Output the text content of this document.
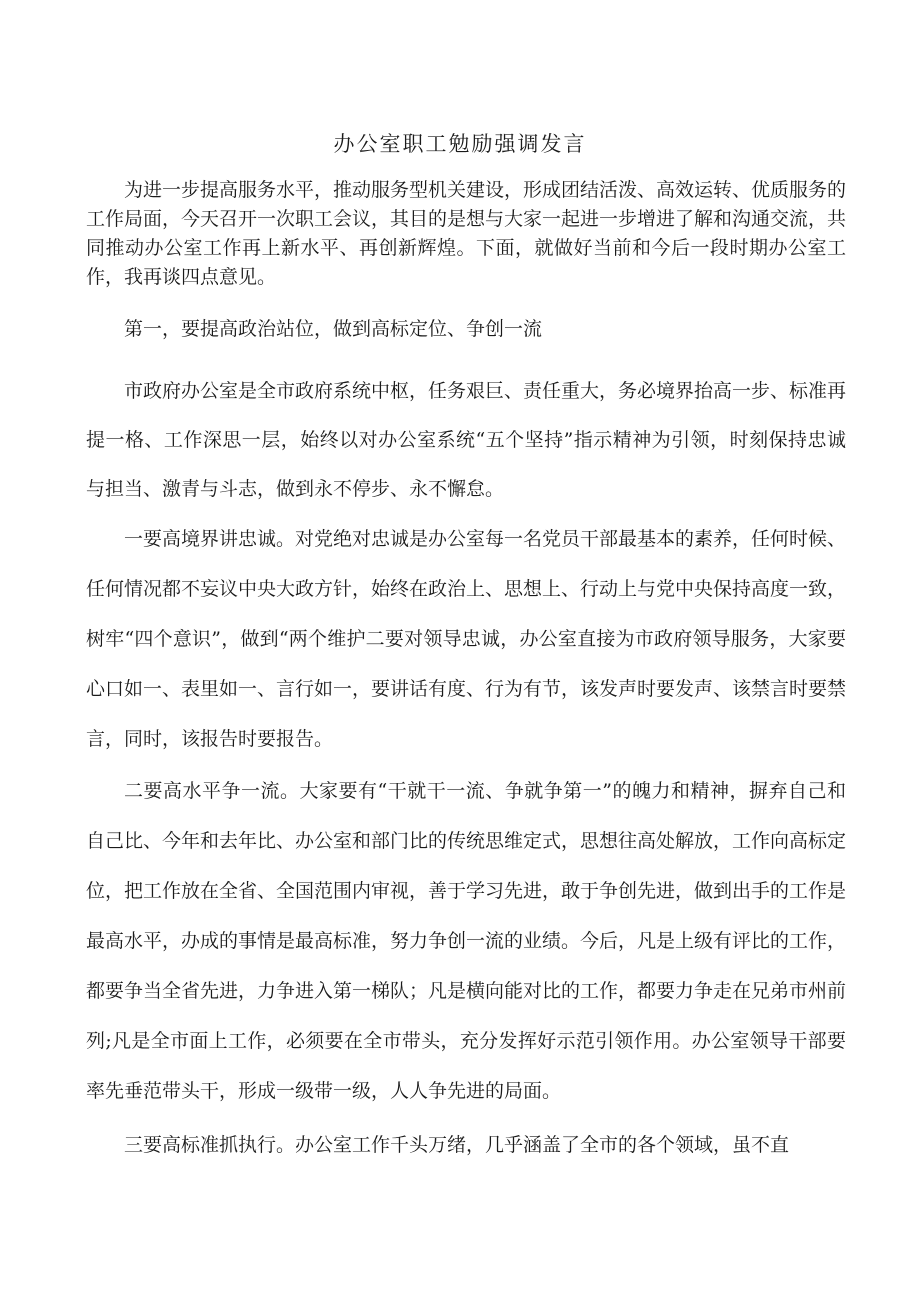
办公室职工勉励强调发言

为进一步提高服务水平，推动服务型机关建设，形成团结活泼、高效运转、优质服务的工作局面，今天召开一次职工会议，其目的是想与大家一起进一步增进了解和沟通交流，共同推动办公室工作再上新水平、再创新辉煌。下面，就做好当前和今后一段时期办公室工作，我再谈四点意见。

第一，要提高政治站位，做到高标定位、争创一流

市政府办公室是全市政府系统中枢，任务艰巨、责任重大，务必境界抬高一步、标准再提一格、工作深思一层，始终以对办公室系统“五个坚持”指示精神为引领，时刻保持忠诚与担当、激青与斗志，做到永不停步、永不懈怠。

一要高境界讲忠诚。对党绝对忠诚是办公室每一名党员干部最基本的素养，任何时候、任何情况都不妄议中央大政方针，始终在政治上、思想上、行动上与党中央保持高度一致，树牢“四个意识”，做到“两个维护二要对领导忠诚，办公室直接为市政府领导服务，大家要心口如一、表里如一、言行如一，要讲话有度、行为有节，该发声时要发声、该禁言时要禁言，同时，该报告时要报告。

二要高水平争一流。大家要有“干就干一流、争就争第一”的魄力和精神，摒弃自己和自己比、今年和去年比、办公室和部门比的传统思维定式，思想往高处解放，工作向高标定位，把工作放在全省、全国范围内审视，善于学习先进，敢于争创先进，做到出手的工作是最高水平，办成的事情是最高标准，努力争创一流的业绩。今后，凡是上级有评比的工作，都要争当全省先进，力争进入第一梯队；凡是横向能对比的工作，都要力争走在兄弟市州前列;凡是全市面上工作，必须要在全市带头，充分发挥好示范引领作用。办公室领导干部要率先垂范带头干，形成一级带一级，人人争先进的局面。

三要高标准抓执行。办公室工作千头万绪，几乎涵盖了全市的各个领域，虽不直
